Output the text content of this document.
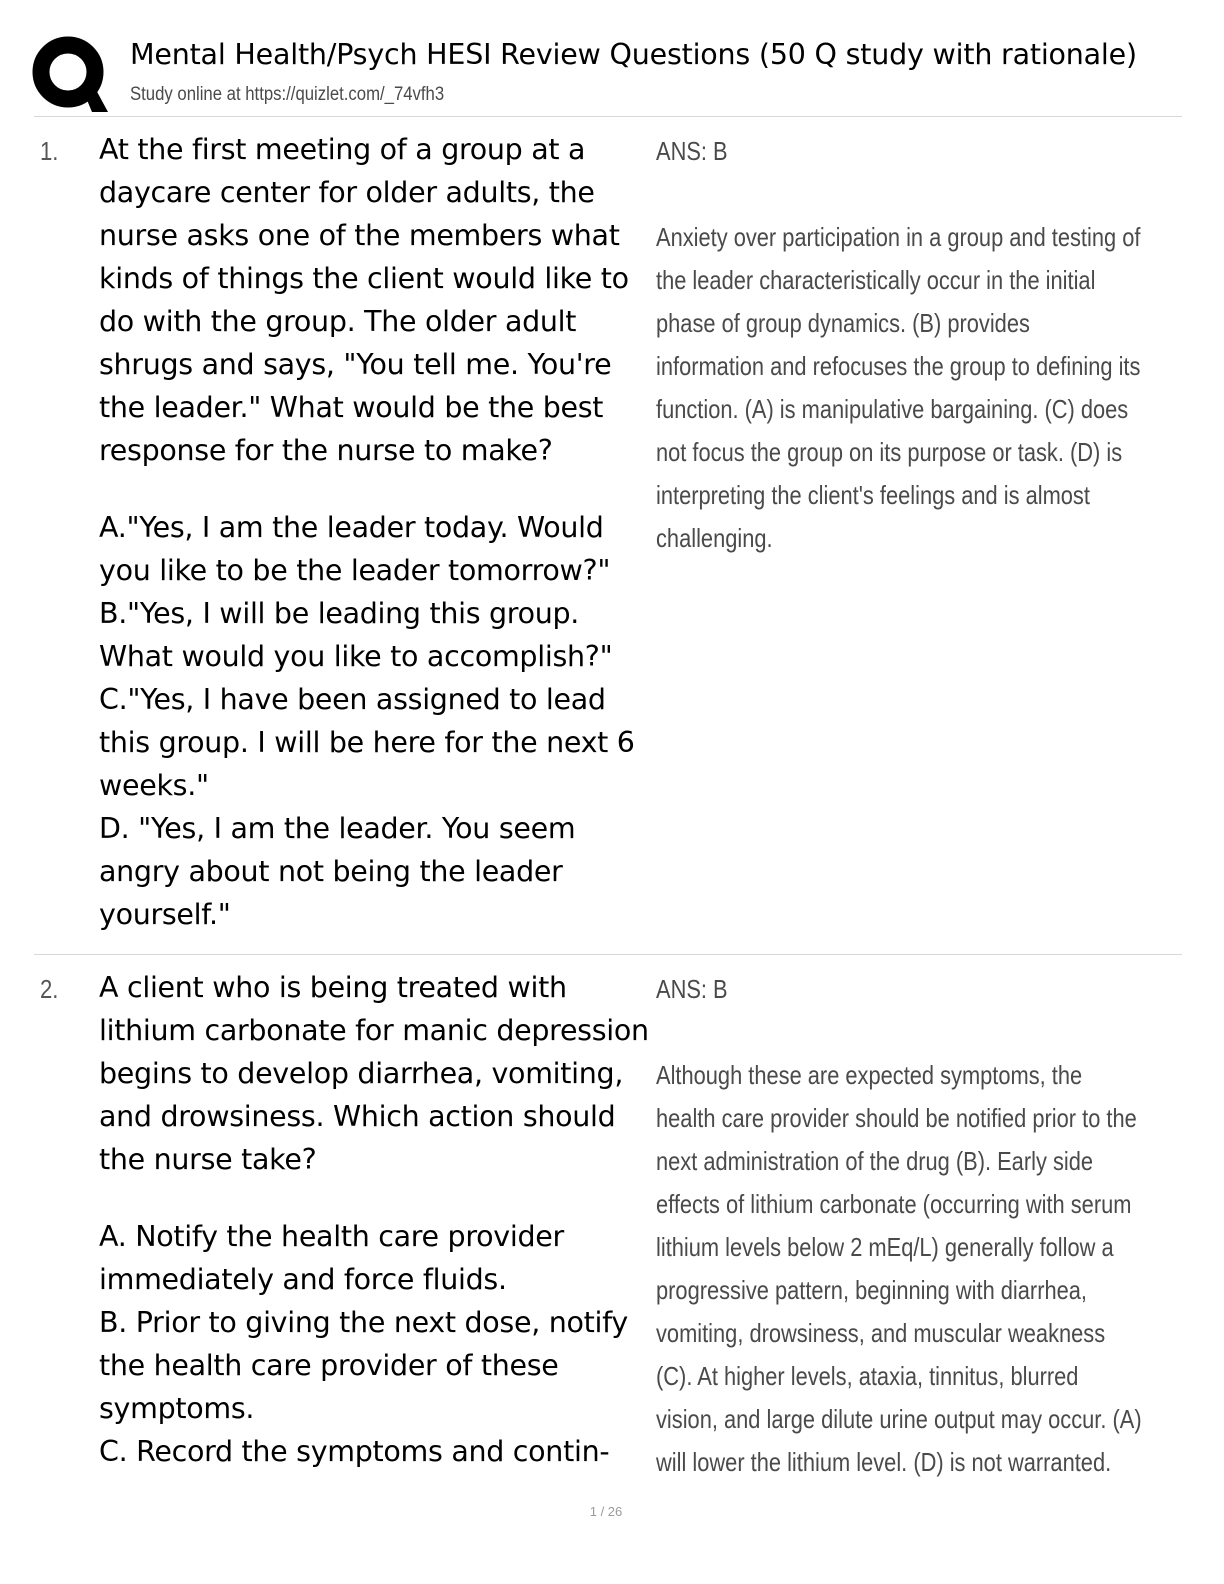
Mental Health/Psych HESI Review Questions (50 Q study with rationale)
Study online at https://quizlet.com/_74vfh3
1. At the first meeting of a group at a daycare center for older adults, the nurse asks one of the members what kinds of things the client would like to do with the group. The older adult shrugs and says, "You tell me. You're the leader." What would be the best response for the nurse to make?

A."Yes, I am the leader today. Would you like to be the leader tomorrow?"

B."Yes, I will be leading this group. What would you like to accomplish?"

C."Yes, I have been assigned to lead this group. I will be here for the next 6 weeks."

D. "Yes, I am the leader. You seem angry about not being the leader yourself."

ANS: B

Anxiety over participation in a group and testing of the leader characteristically occur in the initial phase of group dynamics. (B) provides information and refocuses the group to defining its function. (A) is manipulative bargaining. (C) does not focus the group on its purpose or task. (D) is interpreting the client's feelings and is almost challenging.

2. A client who is being treated with lithium carbonate for manic depression begins to develop diarrhea, vomiting, and drowsiness. Which action should the nurse take?

A. Notify the health care provider immediately and force fluids.

B. Prior to giving the next dose, notify the health care provider of these symptoms.

C. Record the symptoms and contin-

ANS: B

Although these are expected symptoms, the health care provider should be notified prior to the next administration of the drug (B). Early side effects of lithium carbonate (occurring with serum lithium levels below 2 mEq/L) generally follow a progressive pattern, beginning with diarrhea, vomiting, drowsiness, and muscular weakness (C). At higher levels, ataxia, tinnitus, blurred vision, and large dilute urine output may occur. (A) will lower the lithium level. (D) is not warranted.

1 / 26
